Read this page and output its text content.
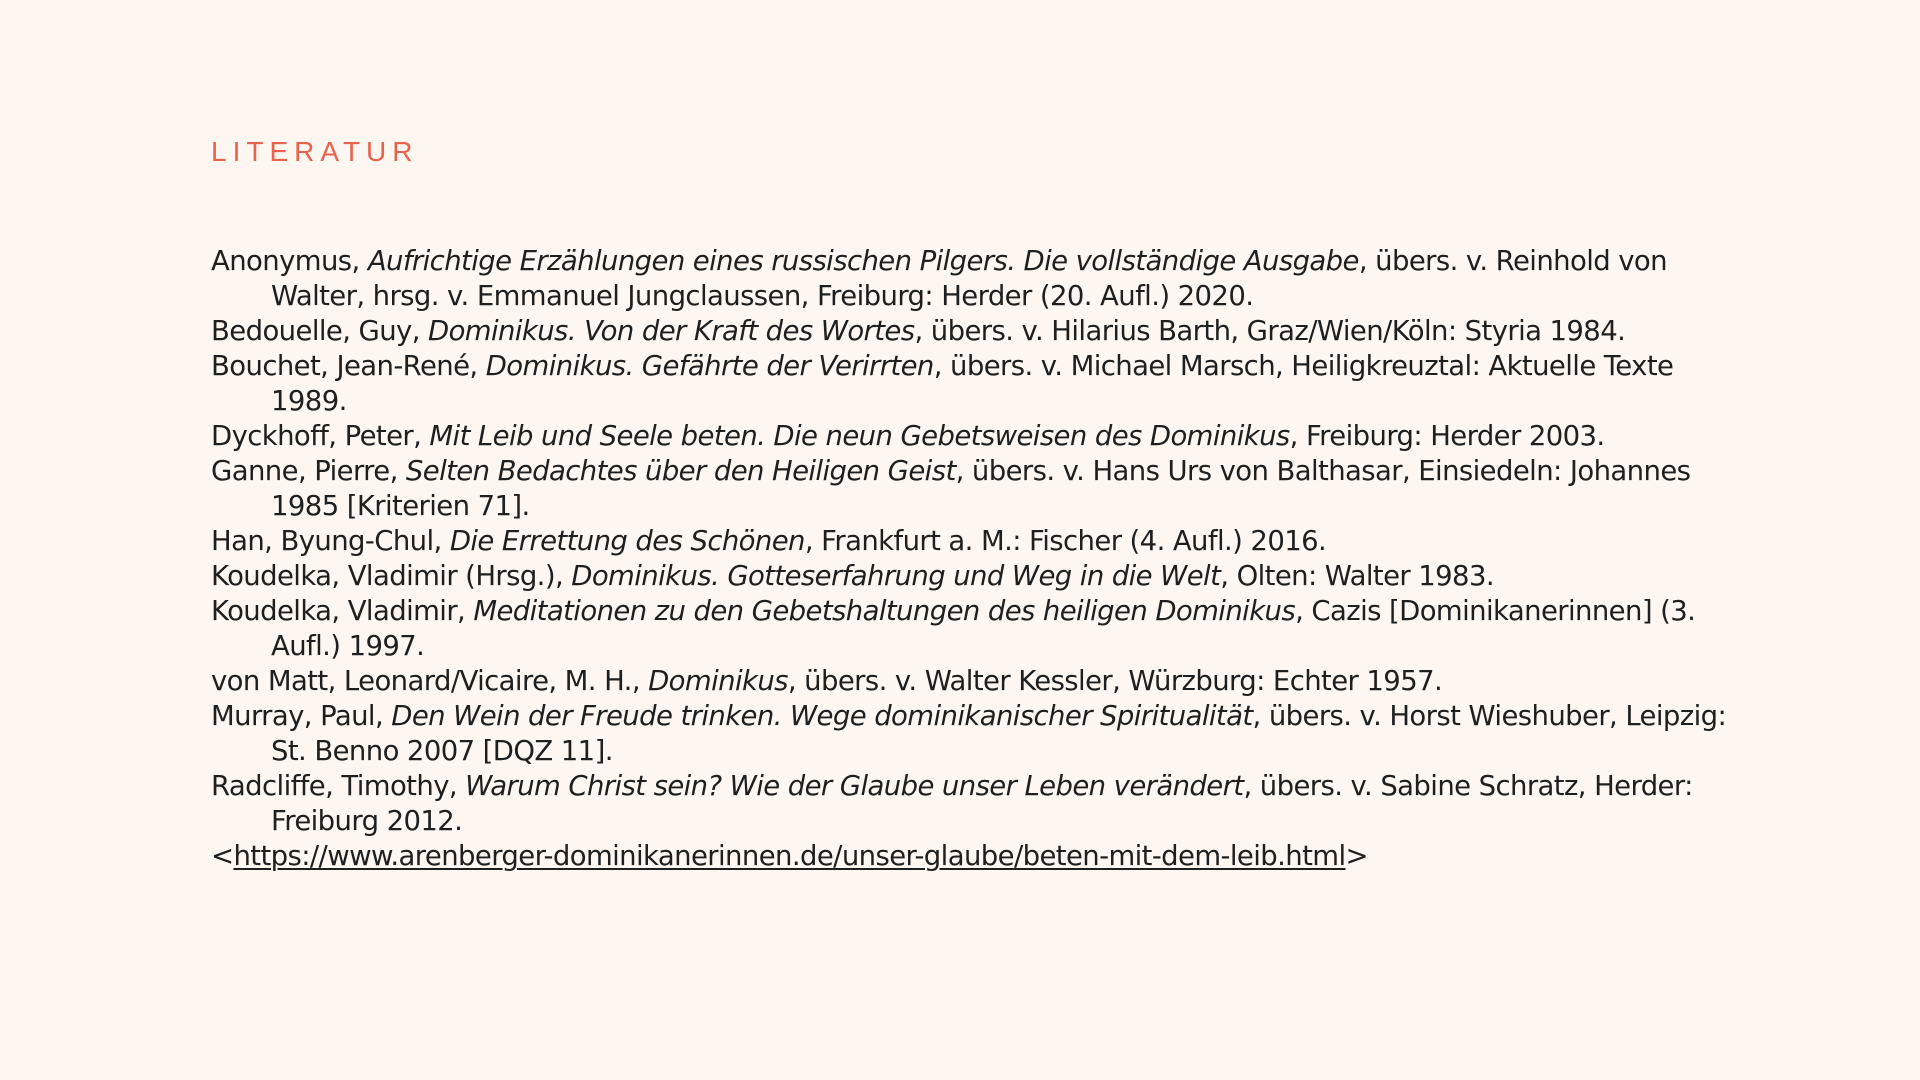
LITERATUR

Anonymus, Aufrichtige Erzählungen eines russischen Pilgers. Die vollständige Ausgabe, übers. v. Reinhold von Walter, hrsg. v. Emmanuel Jungclaussen, Freiburg: Herder (20. Aufl.) 2020.

Bedouelle, Guy, Dominikus. Von der Kraft des Wortes, übers. v. Hilarius Barth, Graz/Wien/Köln: Styria 1984.

Bouchet, Jean-René, Dominikus. Gefährte der Verirrten, übers. v. Michael Marsch, Heiligkreuztal: Aktuelle Texte 1989.

Dyckhoff, Peter, Mit Leib und Seele beten. Die neun Gebetsweisen des Dominikus, Freiburg: Herder 2003.

Ganne, Pierre, Selten Bedachtes über den Heiligen Geist, übers. v. Hans Urs von Balthasar, Einsiedeln: Johannes 1985 [Kriterien 71].

Han, Byung-Chul, Die Errettung des Schönen, Frankfurt a. M.: Fischer (4. Aufl.) 2016.

Koudelka, Vladimir (Hrsg.), Dominikus. Gotteserfahrung und Weg in die Welt, Olten: Walter 1983.

Koudelka, Vladimir, Meditationen zu den Gebetshaltungen des heiligen Dominikus, Cazis [Dominikanerinnen] (3. Aufl.) 1997.

von Matt, Leonard/Vicaire, M. H., Dominikus, übers. v. Walter Kessler, Würzburg: Echter 1957.

Murray, Paul, Den Wein der Freude trinken. Wege dominikanischer Spiritualität, übers. v. Horst Wieshuber, Leipzig: St. Benno 2007 [DQZ 11].

Radcliffe, Timothy, Warum Christ sein? Wie der Glaube unser Leben verändert, übers. v. Sabine Schratz, Herder: Freiburg 2012.

<https://www.arenberger-dominikanerinnen.de/unser-glaube/beten-mit-dem-leib.html>
